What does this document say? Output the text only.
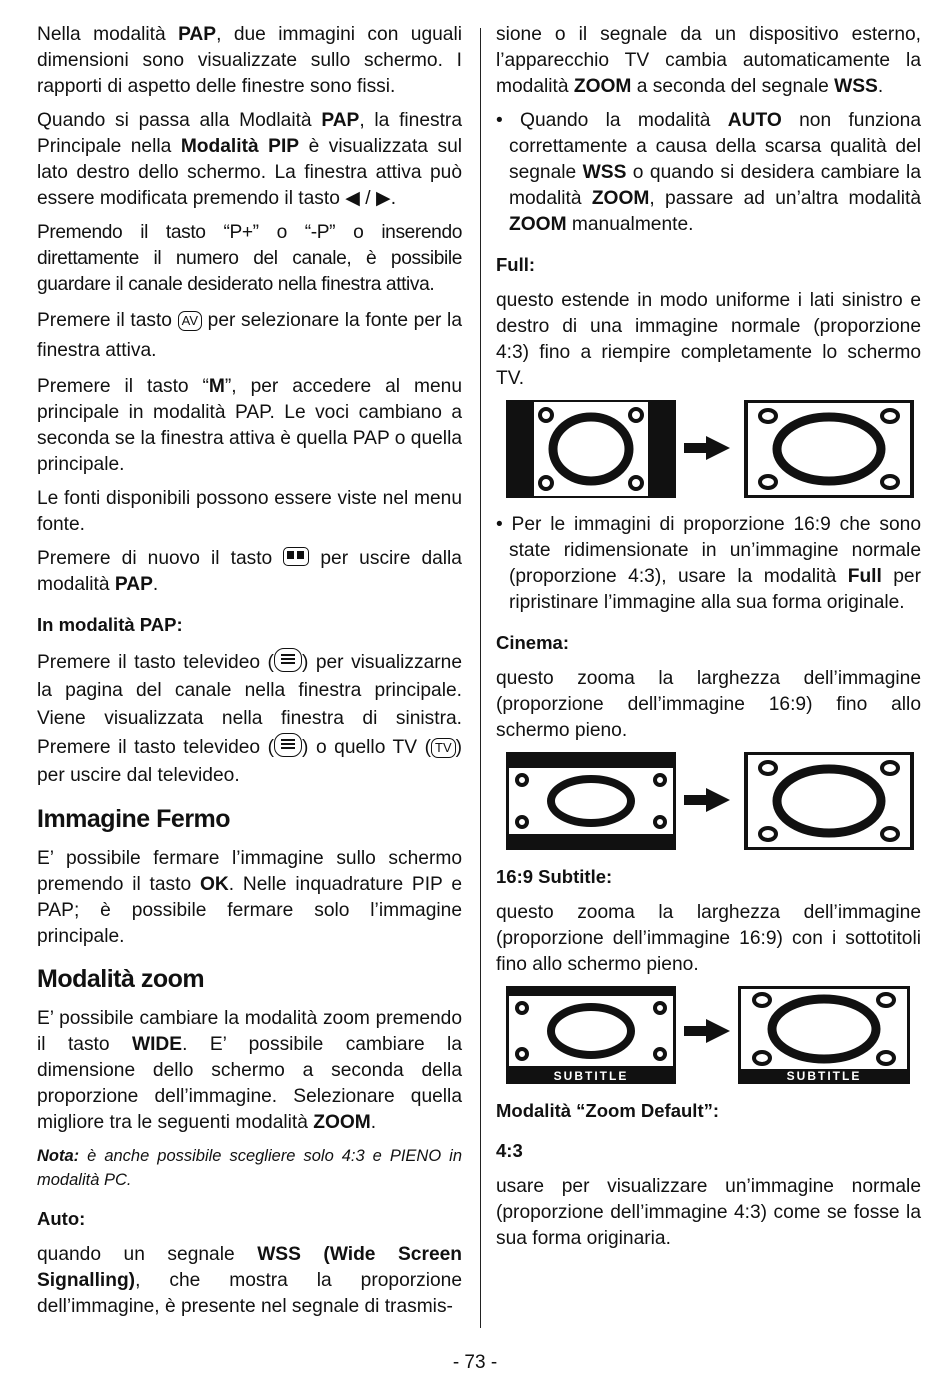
Nella modalità PAP, due immagini con uguali dimensioni sono visualizzate sullo schermo. I rapporti di aspetto delle finestre sono fissi.

Quando si passa alla Modlaità PAP, la finestra Principale nella Modalità PIP è visualizzata sul lato destro dello schermo. La finestra attiva può essere modificata premendo il tasto ◀ / ▶.

Premendo il tasto “P+” o “-P” o inserendo direttamente il numero del canale, è possibile guardare il canale desiderato nella finestra attiva.

Premere il tasto AV per selezionare la fonte per la finestra attiva.

Premere il tasto “M”, per accedere al menu principale in modalità PAP. Le voci cambiano a seconda se la finestra attiva è quella PAP o quella principale.

Le fonti disponibili possono essere viste nel menu fonte.

Premere di nuovo il tasto  per uscire dalla modalità PAP.

In modalità PAP:

Premere il tasto televideo ( ) per visualizzarne la pagina del canale nella finestra principale. Viene visualizzata nella finestra di sinistra. Premere il tasto televideo ( ) o quello TV ( TV ) per uscire dal televideo.

Immagine Fermo

E’ possibile fermare l’immagine sullo schermo premendo il tasto OK. Nelle inquadrature PIP e PAP; è possibile fermare solo l’immagine principale.

Modalità zoom

E’ possibile cambiare la modalità zoom premendo il tasto WIDE. E’ possibile cambiare la dimensione dello schermo a seconda della proporzione dell’immagine. Selezionare quella migliore tra le seguenti modalità ZOOM.

Nota: è anche possibile scegliere solo 4:3 e PIENO in modalità PC.

Auto:

quando un segnale WSS (Wide Screen Signalling), che mostra la proporzione dell’immagine, è presente nel segnale di trasmis-

sione o il segnale da un dispositivo esterno, l’apparecchio TV cambia automaticamente la modalità ZOOM a seconda del segnale WSS.

• Quando la modalità AUTO non funziona correttamente a causa della scarsa qualità del segnale WSS o quando si desidera cambiare la modalità ZOOM, passare ad un’altra modalità ZOOM manualmente.

Full:

questo estende in modo uniforme i lati sinistro e destro di una immagine normale (proporzione 4:3) fino a riempire completamente lo schermo TV.

• Per le immagini di proporzione 16:9 che sono state ridimensionate in un’immagine normale (proporzione 4:3), usare la modalità Full per ripristinare l’immagine alla sua forma originale.

Cinema:

questo zooma la larghezza dell’immagine (proporzione dell’immagine 16:9) fino allo schermo pieno.

16:9 Subtitle:

questo zooma la larghezza dell’immagine (proporzione dell’immagine 16:9) con i sottotitoli fino allo schermo pieno.

SUBTITLE	SUBTITLE
Modalità “Zoom Default”:
4:3

usare per visualizzare un’immagine normale (proporzione dell’immagine 4:3) come se fosse la sua forma originaria.

- 73 -
